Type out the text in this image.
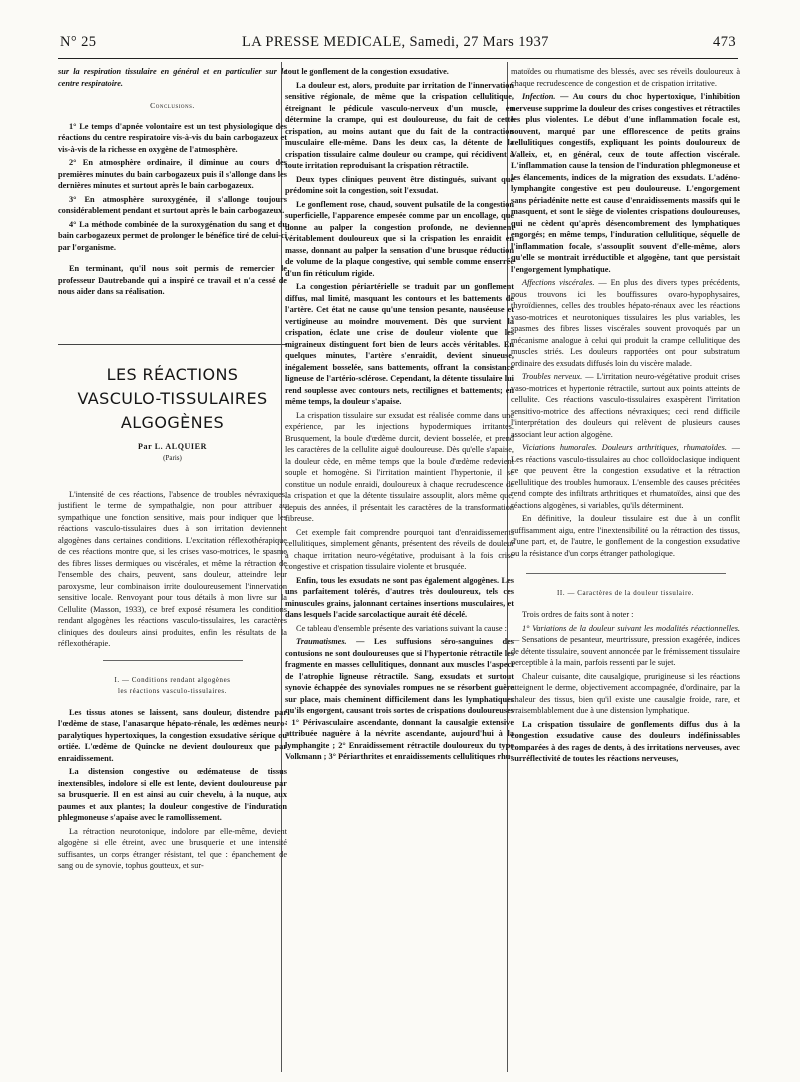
N° 25	LA PRESSE MEDICALE, Samedi, 27 Mars 1937	473

sur la respiration tissulaire en général et en particulier sur le centre respiratoire.

Conclusions.

1° Le temps d'apnée volontaire est un test physiologique des réactions du centre respiratoire vis-à-vis du bain carbogazeux et vis-à-vis de la richesse en oxygène de l'atmosphère.

2° En atmosphère ordinaire, il diminue au cours des premières minutes du bain carbogazeux puis il s'allonge dans les dernières minutes et surtout après le bain carbogazeux.

3° En atmosphère suroxygénée, il s'allonge toujours considérablement pendant et surtout après le bain carbogazeux.

4° La méthode combinée de la suroxygénation du sang et du bain carbogazeux permet de prolonger le bénéfice tiré de celui-ci par l'organisme.

En terminant, qu'il nous soit permis de remercier le professeur Dautrebande qui a inspiré ce travail et n'a cessé de nous aider dans sa réalisation.

LES RÉACTIONS
VASCULO-TISSULAIRES
ALGOGÈNES
Par L. ALQUIER
(Paris)

L'intensité de ces réactions, l'absence de troubles névraxiques, justifient le terme de sympathalgie, non pour attribuer au sympathique une fonction sensitive, mais pour indiquer que les réactions vasculo-tissulaires dues à son irritation deviennent algogènes dans certaines conditions. L'excitation réflexothérapique de ces réactions montre que, si les crises vaso-motrices, le spasme des fibres lisses dermiques ou viscérales, et même la rétraction de l'ensemble des chairs, peuvent, sans douleur, atteindre leur paroxysme, leur combinaison irrite douloureusement l'innervation sensitive locale. Renvoyant pour tous détails à mon livre sur la Cellulite (Masson, 1933), ce bref exposé résumera les conditions rendant algogènes les réactions vasculo-tissulaires, les caractères cliniques des douleurs ainsi produites, enfin les résultats de la réflexothérapie.

I. — Conditions rendant algogènes
les réactions vasculo-tissulaires.

Les tissus atones se laissent, sans douleur, distendre par l'œdème de stase, l'anasarque hépato-rénale, les œdèmes neuro-paralytiques hypertoxiques, la congestion exsudative sérique ou ortiée. L'œdème de Quincke ne devient douloureux que par enraidissement.

La distension congestive ou œdémateuse de tissus inextensibles, indolore si elle est lente, devient douloureuse par sa brusquerie. Il en est ainsi au cuir chevelu, à la nuque, aux paumes et aux plantes; la douleur congestive de l'induration phlegmoneuse s'apaise avec le ramollissement.

La rétraction neurotonique, indolore par elle-même, devient algogène si elle étreint, avec une brusquerie et une intensité suffisantes, un corps étranger résistant, tel que : épanchement de sang ou de synovie, tophus goutteux, et sur-

tout le gonflement de la congestion exsudative.

La douleur est, alors, produite par irritation de l'innervation sensitive régionale, de même que la crispation cellulitique, étreignant le pédicule vasculo-nerveux d'un muscle, en détermine la crampe, qui est douloureuse, du fait de cette crispation, au moins autant que du fait de la contraction musculaire elle-même. Dans les deux cas, la détente de la crispation tissulaire calme douleur ou crampe, qui récidivent à toute irritation reproduisant la crispation rétractile.

Deux types cliniques peuvent être distingués, suivant que prédomine soit la congestion, soit l'exsudat.

Le gonflement rose, chaud, souvent pulsatile de la congestion superficielle, l'apparence empesée comme par un encollage, que donne au palper la congestion profonde, ne deviennent véritablement douloureux que si la crispation les enraidit en masse, donnant au palper la sensation d'une brusque réduction de volume de la plaque congestive, qui semble comme enserrée d'un fin réticulum rigide.

La congestion périartérielle se traduit par un gonflement diffus, mal limité, masquant les contours et les battements de l'artère. Cet état ne cause qu'une tension pesante, nauséeuse et vertigineuse au moindre mouvement. Dès que survient la crispation, éclate une crise de douleur violente que les migraineux distinguent fort bien de leurs accès véritables. En quelques minutes, l'artère s'enraidit, devient sinueuse, inégalement bosselée, sans battements, offrant la consistance ligneuse de l'artério-sclérose. Cependant, la détente tissulaire lui rend souplesse avec contours nets, rectilignes et battements; en même temps, la douleur s'apaise.

La crispation tissulaire sur exsudat est réalisée comme dans une expérience, par les injections hypodermiques irritantes. Brusquement, la boule d'œdème durcit, devient bosselée, et prend les caractères de la cellulite aiguë douloureuse. Dès qu'elle s'apaise, la douleur cède, en même temps que la boule d'œdème redevient souple et homogène. Si l'irritation maintient l'hypertonie, il se constitue un nodule enraidi, douloureux à chaque recrudescence de la crispation et que la détente tissulaire assouplit, alors même que, depuis des années, il présentait les caractères de la transformation fibreuse.

Cet exemple fait comprendre pourquoi tant d'enraidissements cellulitiques, simplement gênants, présentent des réveils de douleur à chaque irritation neuro-végétative, produisant à la fois crise congestive et crispation tissulaire violente et brusquée.

Enfin, tous les exsudats ne sont pas également algogènes. Les uns parfaitement tolérés, d'autres très douloureux, tels ces minuscules grains, jalonnant certaines insertions musculaires, et dans lesquels l'acide sarcolactique aurait été décelé.

Ce tableau d'ensemble présente des variations suivant la cause :

Traumatismes. — Les suffusions séro-sanguines des contusions ne sont douloureuses que si l'hypertonie rétractile les fragmente en masses cellulitiques, donnant aux muscles l'aspect de l'atrophie ligneuse rétractile. Sang, exsudats et surtout synovie échappée des synoviales rompues ne se résorbent guère sur place, mais cheminent difficilement dans les lymphatiques qu'ils engorgent, causant trois sortes de crispations douloureuses : 1° Périvasculaire ascendante, donnant la causalgie extensive attribuée naguère à la névrite ascendante, aujourd'hui à la lymphangite ; 2° Enraidissement rétractile douloureux du type Volkmann ; 3° Périarthrites et enraidissements cellulitiques rhu-

matoïdes ou rhumatisme des blessés, avec ses réveils douloureux à chaque recrudescence de congestion et de crispation irritative.

Infection. — Au cours du choc hypertoxique, l'inhibition nerveuse supprime la douleur des crises congestives et rétractiles les plus violentes. Le début d'une inflammation focale est, souvent, marqué par une efflorescence de petits grains cellulitiques congestifs, expliquant les points douloureux de Valleix, et, en général, ceux de toute affection viscérale. L'inflammation cause la tension de l'induration phlegmoneuse et les élancements, indices de la migration des exsudats. L'adéno-lymphangite congestive est peu douloureuse. L'engorgement sans périadénite nette est cause d'enraidissements massifs qui le masquent, et sont le siège de violentes crispations douloureuses, qui ne cèdent qu'après désencombrement des lymphatiques engorgés; en même temps, l'induration cellulitique, séquelle de l'inflammation focale, s'assouplit souvent d'elle-même, alors qu'elle se montrait irréductible et algogène, tant que persistait l'engorgement lymphatique.

Affections viscérales. — En plus des divers types précédents, nous trouvons ici les bouffissures ovaro-hypophysaires, thyroïdiennes, celles des troubles hépato-rénaux avec les réactions vaso-motrices et neurotoniques tissulaires les plus variables, les spasmes des fibres lisses viscérales souvent provoqués par un mécanisme analogue à celui qui produit la crampe cellulitique des muscles striés. Les douleurs rapportées ont pour substratum ordinaire des exsudats diffusés loin du viscère malade.

Troubles nerveux. — L'irritation neuro-végétative produit crises vaso-motrices et hypertonie rétractile, surtout aux points atteints de cellulite. Ces réactions vasculo-tissulaires exaspèrent l'irritation sensitivo-motrice des affections névraxiques; ceci rend difficile l'interprétation des douleurs qui relèvent de plusieurs causes associant leur action algogène.

Viciations humorales. Douleurs arthritiques, rhumatoïdes. — Les réactions vasculo-tissulaires au choc colloïdoclasique indiquent ce que peuvent être la congestion exsudative et la rétraction cellulitique des troubles humoraux. L'ensemble des causes précitées rend compte des infiltrats arthritiques et rhumatoïdes, ainsi que des réactions algogènes, si variables, qu'ils déterminent.

En définitive, la douleur tissulaire est due à un conflit suffisamment aigu, entre l'inextensibilité ou la rétraction des tissus, d'une part, et, de l'autre, le gonflement de la congestion exsudative ou la résistance d'un corps étranger pathologique.

II. — Caractères de la douleur tissulaire.

Trois ordres de faits sont à noter :

1° Variations de la douleur suivant les modalités réactionnelles. — Sensations de pesanteur, meurtrissure, pression exagérée, indices de détente tissulaire, souvent annoncée par le frémissement tissulaire perceptible à la main, parfois ressenti par le sujet.

Chaleur cuisante, dite causalgique, prurigineuse si les réactions atteignent le derme, objectivement accompagnée, d'ordinaire, par la chaleur des tissus, bien qu'il existe une causalgie froide, rare, et vraisemblablement due à une distension lymphatique.

La crispation tissulaire de gonflements diffus dus à la congestion exsudative cause des douleurs indéfinissables comparées à des rages de dents, à des irritations nerveuses, avec surréflectivité de toutes les réactions nerveuses,
